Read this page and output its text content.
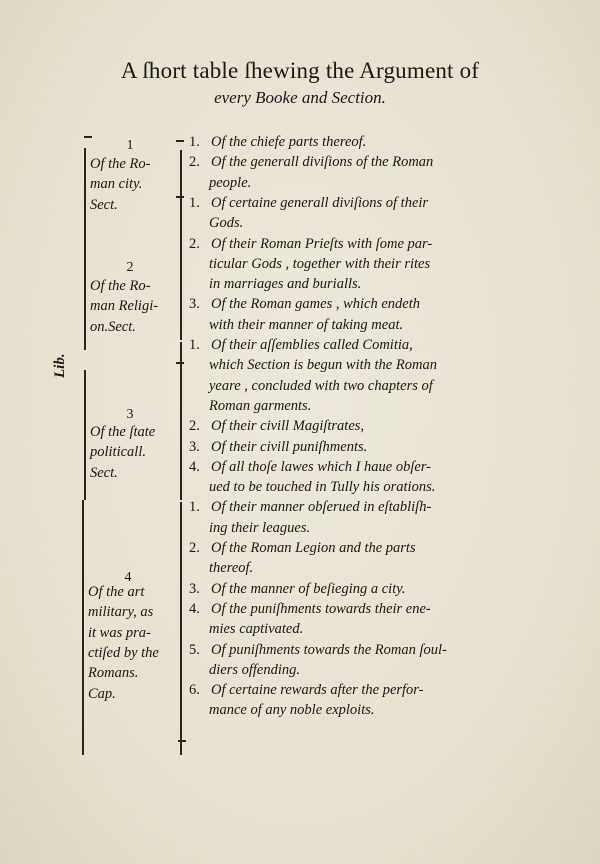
A ſhort table ſhewing the Argument of
every Booke and Section.
Lib.
1
Of the Ro-
man city.
Sect.
1. Of the chiefe parts thereof.
2. Of the generall diviſions of the Roman
people.
2
Of the Ro-
man Religi-
on.Sect.
1. Of certaine generall diviſions of their
Gods.
2. Of their Roman Prieſts with ſome par-
ticular Gods , together with their rites
in marriages and burialls.
3. Of the Roman games , which endeth
with their manner of taking meat.
3
Of the ſtate
politicall.
Sect.
1. Of their aſſemblies called Comitia,
which Section is begun with the Roman
yeare , concluded with two chapters of
Roman garments.
2. Of their civill Magiſtrates,
3. Of their civill puniſhments.
4. Of all thoſe lawes which I haue obſer-
ued to be touched in Tully his orations.
4
Of the art
military, as
it was pra-
ctiſed by the
Romans.
Cap.
1. Of their manner obſerued in eſtabliſh-
ing their leagues.
2. Of the Roman Legion and the parts
thereof.
3. Of the manner of beſieging a city.
4. Of the puniſhments towards their ene-
mies captivated.
5. Of puniſhments towards the Roman ſoul-
diers offending.
6. Of certaine rewards after the perfor-
mance of any noble exploits.
